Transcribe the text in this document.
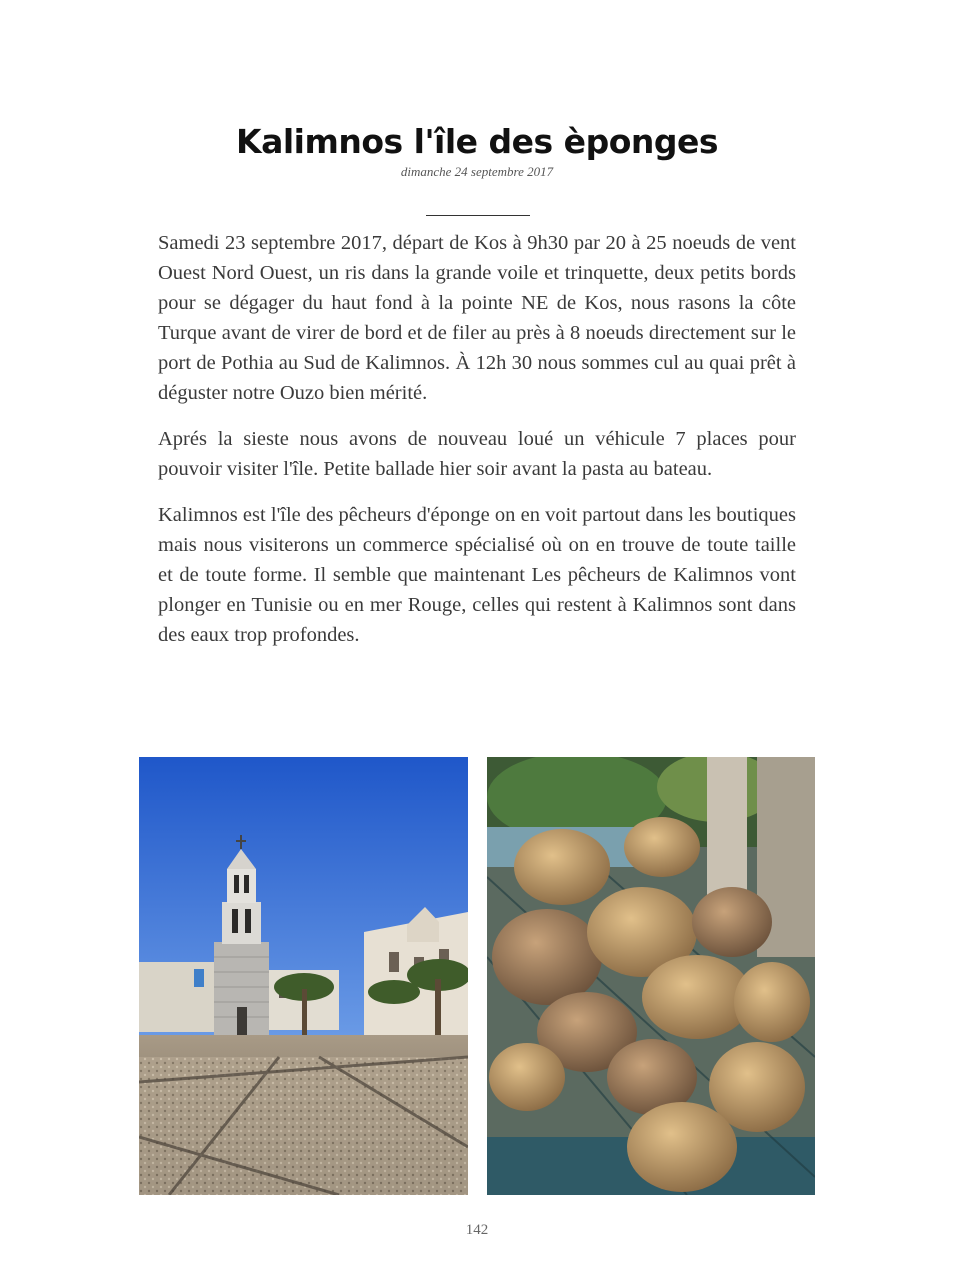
Kalimnos l'île des èponges
dimanche 24 septembre 2017

Samedi 23 septembre 2017, départ de Kos à 9h30 par 20 à 25 noeuds de vent Ouest Nord Ouest, un ris dans la grande voile et trinquette, deux petits bords pour se dégager du haut fond à la pointe NE de Kos, nous rasons la côte Turque avant de virer de bord et de filer au près à 8 noeuds directement sur le port de Pothia au Sud de Kalimnos. À 12h 30 nous sommes cul au quai prêt à déguster notre Ouzo bien mérité.

Aprés la sieste nous avons de nouveau loué un véhicule 7 places pour pouvoir visiter l'île. Petite ballade hier soir avant la pasta au bateau.

Kalimnos est l'île des pêcheurs d'éponge on en voit partout dans les boutiques mais nous visiterons un commerce spécialisé où on en trouve de toute taille et de toute forme. Il semble que maintenant Les pêcheurs de Kalimnos vont plonger en Tunisie ou en mer Rouge, celles qui restent à Kalimnos sont dans des eaux trop profondes.

142
